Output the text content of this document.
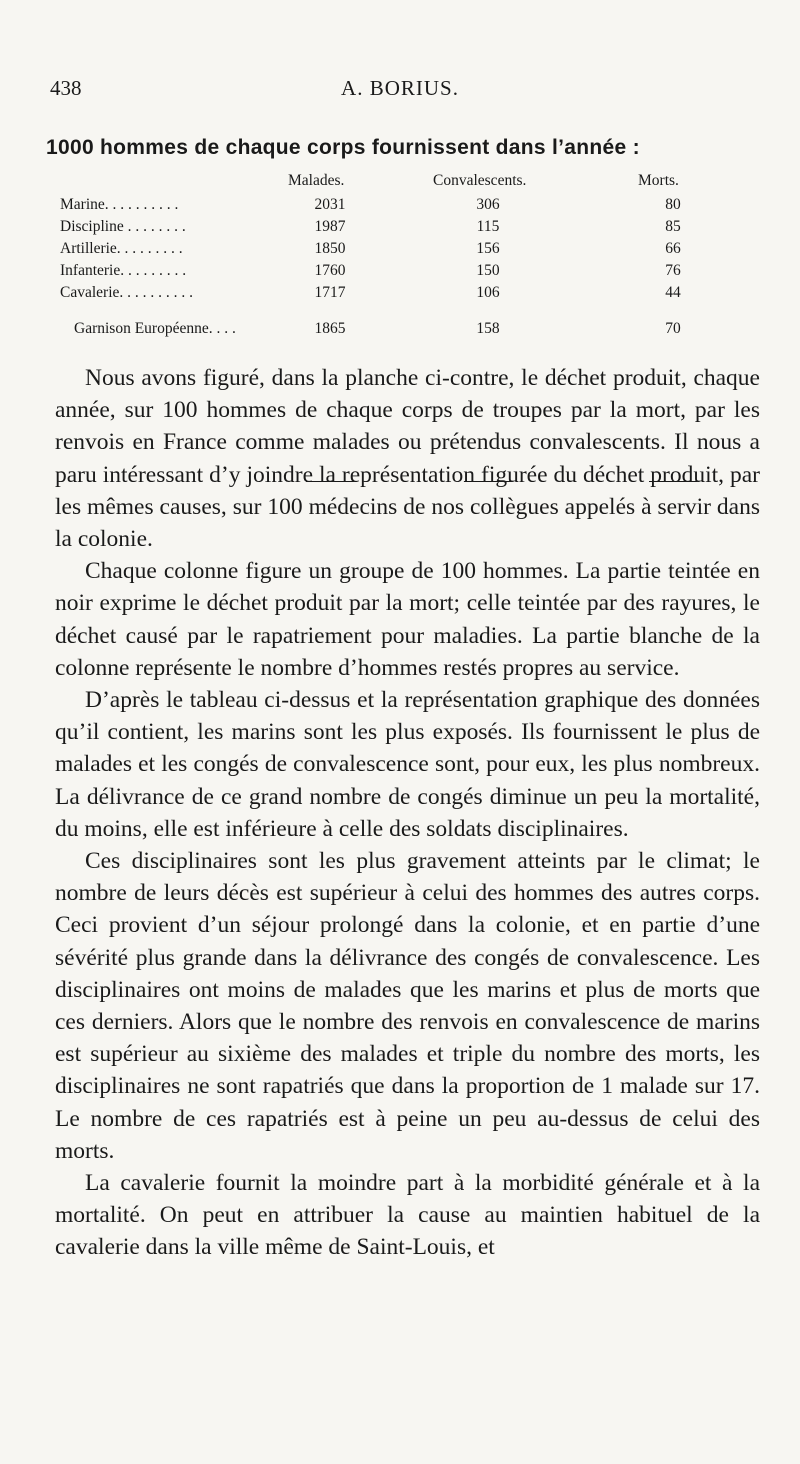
438	A. BORIUS.
1000 hommes de chaque corps fournissent dans l’année :
Malades.	Convalescents.	Morts.
Marine. . . . . . . . . .	2031	306	80
Discipline . . . . . . . .	1987	115	85
Artillerie. . . . . . . . .	1850	156	66
Infanterie. . . . . . . . .	1760	150	76
Cavalerie. . . . . . . . . .	1717	106	44
Garnison Européenne. . . .	1865	158	70

Nous avons figuré, dans la planche ci-contre, le déchet produit, chaque année, sur 100 hommes de chaque corps de troupes par la mort, par les renvois en France comme malades ou prétendus convalescents. Il nous a paru intéressant d’y joindre la représentation figurée du déchet produit, par les mêmes causes, sur 100 médecins de nos collègues appelés à servir dans la colonie.

Chaque colonne figure un groupe de 100 hommes. La partie teintée en noir exprime le déchet produit par la mort; celle teintée par des rayures, le déchet causé par le rapatriement pour maladies. La partie blanche de la colonne représente le nombre d’hommes restés propres au service.

D’après le tableau ci-dessus et la représentation graphique des données qu’il contient, les marins sont les plus exposés. Ils fournissent le plus de malades et les congés de convalescence sont, pour eux, les plus nombreux. La délivrance de ce grand nombre de congés diminue un peu la mortalité, du moins, elle est inférieure à celle des soldats disciplinaires.

Ces disciplinaires sont les plus gravement atteints par le climat; le nombre de leurs décès est supérieur à celui des hommes des autres corps. Ceci provient d’un séjour prolongé dans la colonie, et en partie d’une sévérité plus grande dans la délivrance des congés de convalescence. Les disciplinaires ont moins de malades que les marins et plus de morts que ces derniers. Alors que le nombre des renvois en convalescence de marins est supérieur au sixième des malades et triple du nombre des morts, les disciplinaires ne sont rapatriés que dans la proportion de 1 malade sur 17. Le nombre de ces rapatriés est à peine un peu au-dessus de celui des morts.

La cavalerie fournit la moindre part à la morbidité générale et à la mortalité. On peut en attribuer la cause au maintien habituel de la cavalerie dans la ville même de Saint-Louis, et
